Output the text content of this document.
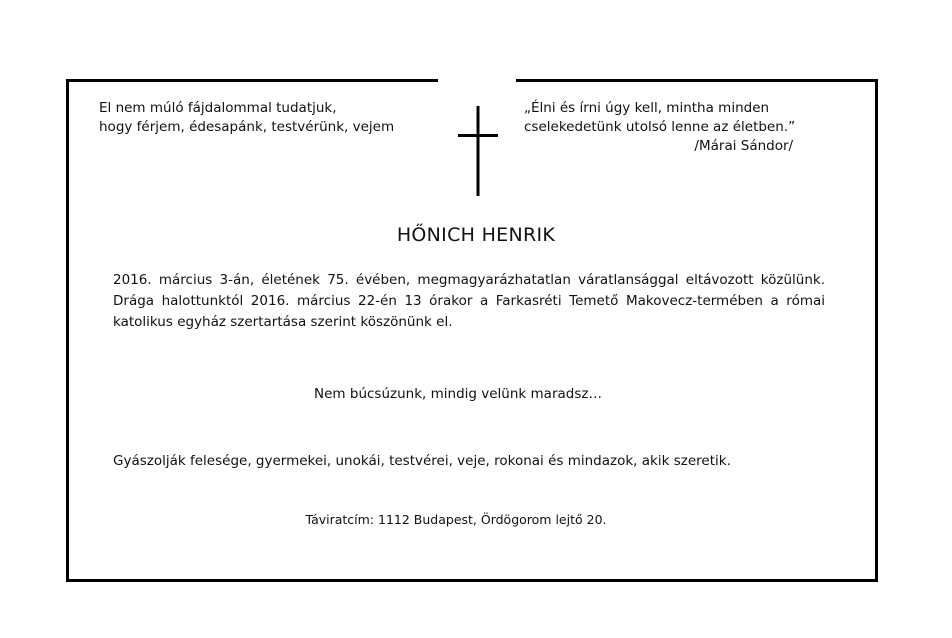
El nem múló fájdalommal tudatjuk,
hogy férjem, édesapánk, testvérünk, vejem
„Élni és írni úgy kell, mintha minden
cselekedetünk utolsó lenne az életben.”
/Márai Sándor/
HŐNICH HENRIK
2016. március 3-án, életének 75. évében, megmagyarázhatatlan váratlansággal eltávozott közülünk. Drága halottunktól 2016. március 22-én 13 órakor a Farkasréti Temető Makovecz-termében a római katolikus egyház szertartása szerint köszönünk el.
Nem búcsúzunk, mindig velünk maradsz…
Gyászolják felesége, gyermekei, unokái, testvérei, veje, rokonai és mindazok, akik szeretik.
Táviratcím: 1112 Budapest, Ördögorom lejtő 20.
